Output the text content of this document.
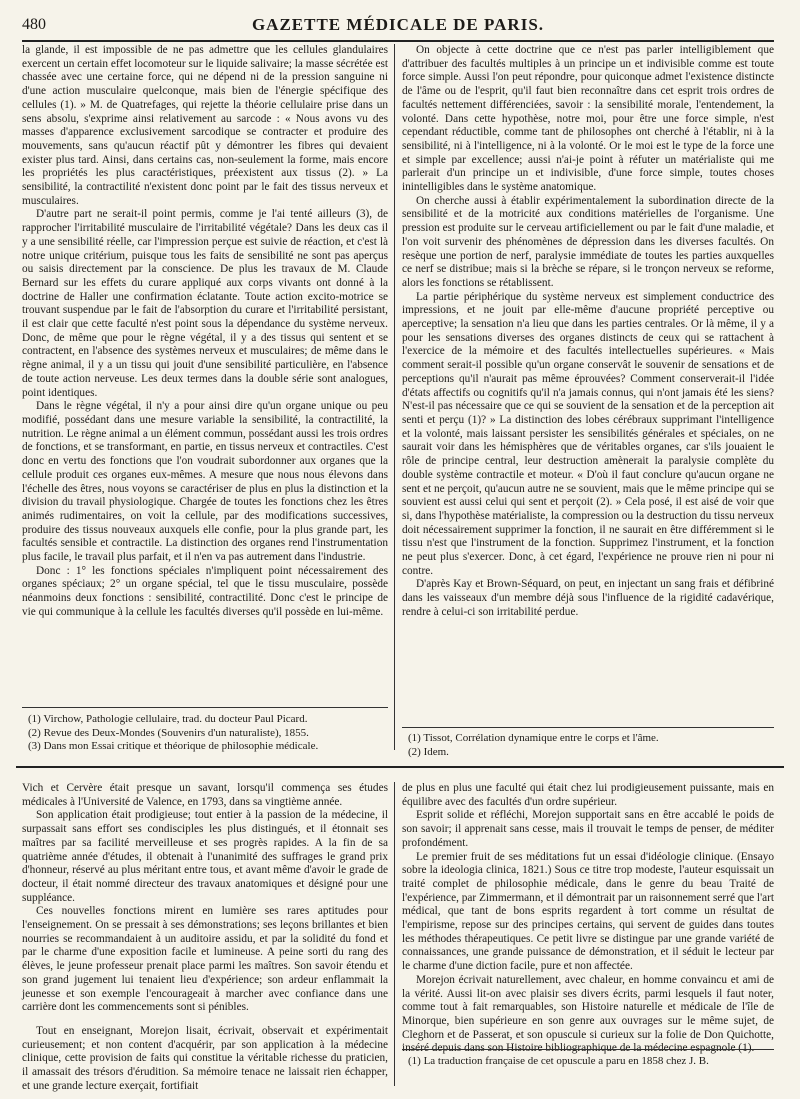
480	GAZETTE MÉDICALE DE PARIS.

la glande, il est impossible de ne pas admettre que les cellules glandulaires exercent un certain effet locomoteur sur le liquide salivaire; la masse sécrétée est chassée avec une certaine force, qui ne dépend ni de la pression sanguine ni d'une action musculaire quelconque, mais bien de l'énergie spécifique des cellules (1). » M. de Quatrefages, qui rejette la théorie cellulaire prise dans un sens absolu, s'exprime ainsi relativement au sarcode : « Nous avons vu des masses d'apparence exclusivement sarcodique se contracter et produire des mouvements, sans qu'aucun réactif pût y démontrer les fibres qui devaient exister plus tard. Ainsi, dans certains cas, non-seulement la forme, mais encore les propriétés les plus caractéristiques, préexistent aux tissus (2). » La sensibilité, la contractilité n'existent donc point par le fait des tissus nerveux et musculaires.

D'autre part ne serait-il point permis, comme je l'ai tenté ailleurs (3), de rapprocher l'irritabilité musculaire de l'irritabilité végétale? Dans les deux cas il y a une sensibilité réelle, car l'impression perçue est suivie de réaction, et c'est là notre unique critérium, puisque tous les faits de sensibilité ne sont pas aperçus ou saisis directement par la conscience. De plus les travaux de M. Claude Bernard sur les effets du curare appliqué aux corps vivants ont donné à la doctrine de Haller une confirmation éclatante. Toute action excito-motrice se trouvant suspendue par le fait de l'absorption du curare et l'irritabilité persistant, il est clair que cette faculté n'est point sous la dépendance du système nerveux. Donc, de même que pour le règne végétal, il y a des tissus qui sentent et se contractent, en l'absence des systèmes nerveux et musculaires; de même dans le règne animal, il y a un tissu qui jouit d'une sensibilité particulière, en l'absence de toute action nerveuse. Les deux termes dans la double série sont analogues, point identiques.

Dans le règne végétal, il n'y a pour ainsi dire qu'un organe unique ou peu modifié, possédant dans une mesure variable la sensibilité, la contractilité, la nutrition. Le règne animal a un élément commun, possédant aussi les trois ordres de fonctions, et se transformant, en partie, en tissus nerveux et contractiles. C'est donc en vertu des fonctions que l'on voudrait subordonner aux organes que la cellule produit ces organes eux-mêmes. A mesure que nous nous élevons dans l'échelle des êtres, nous voyons se caractériser de plus en plus la distinction et la division du travail physiologique. Chargée de toutes les fonctions chez les êtres animés rudimentaires, on voit la cellule, par des modifications successives, produire des tissus nouveaux auxquels elle confie, pour la plus grande part, les facultés sensible et contractile. La distinction des organes rend l'instrumentation plus facile, le travail plus parfait, et il n'en va pas autrement dans l'industrie.

Donc : 1° les fonctions spéciales n'impliquent point nécessairement des organes spéciaux; 2° un organe spécial, tel que le tissu musculaire, possède néanmoins deux fonctions : sensibilité, contractilité. Donc c'est le principe de vie qui communique à la cellule les facultés diverses qu'il possède en lui-même.

On objecte à cette doctrine que ce n'est pas parler intelligiblement que d'attribuer des facultés multiples à un principe un et indivisible comme est toute force simple. Aussi l'on peut répondre, pour quiconque admet l'existence distincte de l'âme ou de l'esprit, qu'il faut bien reconnaître dans cet esprit trois ordres de facultés nettement différenciées, savoir : la sensibilité morale, l'entendement, la volonté. Dans cette hypothèse, notre moi, pour être une force simple, n'est cependant réductible, comme tant de philosophes ont cherché à l'établir, ni à la sensibilité, ni à l'intelligence, ni à la volonté. Or le moi est le type de la force une et simple par excellence; aussi n'ai-je point à réfuter un matérialiste qui me parlerait d'un principe un et indivisible, d'une force simple, toutes choses inintelligibles dans le système anatomique.

On cherche aussi à établir expérimentalement la subordination directe de la sensibilité et de la motricité aux conditions matérielles de l'organisme. Une pression est produite sur le cerveau artificiellement ou par le fait d'une maladie, et l'on voit survenir des phénomènes de dépression dans les diverses facultés. On resèque une portion de nerf, paralysie immédiate de toutes les parties auxquelles ce nerf se distribue; mais si la brèche se répare, si le tronçon nerveux se reforme, alors les fonctions se rétablissent.

La partie périphérique du système nerveux est simplement conductrice des impressions, et ne jouit par elle-même d'aucune propriété perceptive ou aperceptive; la sensation n'a lieu que dans les parties centrales. Or là même, il y a pour les sensations diverses des organes distincts de ceux qui se rattachent à l'exercice de la mémoire et des facultés intellectuelles supérieures. « Mais comment serait-il possible qu'un organe conservât le souvenir de sensations et de perceptions qu'il n'aurait pas même éprouvées? Comment conserverait-il l'idée d'états affectifs ou cognitifs qu'il n'a jamais connus, qui n'ont jamais été les siens? N'est-il pas nécessaire que ce qui se souvient de la sensation et de la perception ait senti et perçu (1)? » La distinction des lobes cérébraux supprimant l'intelligence et la volonté, mais laissant persister les sensibilités générales et spéciales, on ne saurait voir dans les hémisphères que de véritables organes, car s'ils jouaient le rôle de principe central, leur destruction amènerait la paralysie complète du double système contractile et moteur. « D'où il faut conclure qu'aucun organe ne sent et ne perçoit, qu'aucun autre ne se souvient, mais que le même principe qui se souvient est aussi celui qui sent et perçoit (2). » Cela posé, il est aisé de voir que si, dans l'hypothèse matérialiste, la compression ou la destruction du tissu nerveux doit nécessairement supprimer la fonction, il ne saurait en être différemment si le tissu n'est que l'instrument de la fonction. Supprimez l'instrument, et la fonction ne peut plus s'exercer. Donc, à cet égard, l'expérience ne prouve rien ni pour ni contre.

D'après Kay et Brown-Séquard, on peut, en injectant un sang frais et défibriné dans les vaisseaux d'un membre déjà sous l'influence de la rigidité cadavérique, rendre à celui-ci son irritabilité perdue.

(1) Virchow, Pathologie cellulaire, trad. du docteur Paul Picard.
(2) Revue des Deux-Mondes (Souvenirs d'un naturaliste), 1855.
(3) Dans mon Essai critique et théorique de philosophie médicale.
(1) Tissot, Corrélation dynamique entre le corps et l'âme.
(2) Idem.

Vich et Cervère était presque un savant, lorsqu'il commença ses études médicales à l'Université de Valence, en 1793, dans sa vingtième année.

Son application était prodigieuse; tout entier à la passion de la médecine, il surpassait sans effort ses condisciples les plus distingués, et il étonnait ses maîtres par sa facilité merveilleuse et ses progrès rapides. A la fin de sa quatrième année d'études, il obtenait à l'unanimité des suffrages le grand prix d'honneur, réservé au plus méritant entre tous, et avant même d'avoir le grade de docteur, il était nommé directeur des travaux anatomiques et désigné pour une suppléance.

Ces nouvelles fonctions mirent en lumière ses rares aptitudes pour l'enseignement. On se pressait à ses démonstrations; ses leçons brillantes et bien nourries se recommandaient à un auditoire assidu, et par la solidité du fond et par le charme d'une exposition facile et lumineuse. A peine sorti du rang des élèves, le jeune professeur prenait place parmi les maîtres. Son savoir étendu et son grand jugement lui tenaient lieu d'expérience; son ardeur enflammait la jeunesse et son exemple l'encourageait à marcher avec confiance dans une carrière dont les commencements sont si pénibles.

Tout en enseignant, Morejon lisait, écrivait, observait et expérimentait curieusement; et non content d'acquérir, par son application à la médecine clinique, cette provision de faits qui constitue la véritable richesse du praticien, il amassait des trésors d'érudition. Sa mémoire tenace ne laissait rien échapper, et une grande lecture exerçait, fortifiait

de plus en plus une faculté qui était chez lui prodigieusement puissante, mais en équilibre avec des facultés d'un ordre supérieur.

Esprit solide et réfléchi, Morejon supportait sans en être accablé le poids de son savoir; il apprenait sans cesse, mais il trouvait le temps de penser, de méditer profondément.

Le premier fruit de ses méditations fut un essai d'idéologie clinique. (Ensayo sobre la ideologia clinica, 1821.) Sous ce titre trop modeste, l'auteur esquissait un traité complet de philosophie médicale, dans le genre du beau Traité de l'expérience, par Zimmermann, et il démontrait par un raisonnement serré que l'art médical, que tant de bons esprits regardent à tort comme un résultat de l'empirisme, repose sur des principes certains, qui servent de guides dans toutes les méthodes thérapeutiques. Ce petit livre se distingue par une grande variété de connaissances, une grande puissance de démonstration, et il séduit le lecteur par le charme d'une diction facile, pure et non affectée.

Morejon écrivait naturellement, avec chaleur, en homme convaincu et ami de la vérité. Aussi lit-on avec plaisir ses divers écrits, parmi lesquels il faut noter, comme tout à fait remarquables, son Histoire naturelle et médicale de l'île de Minorque, bien supérieure en son genre aux ouvrages sur le même sujet, de Cleghorn et de Passerat, et son opuscule si curieux sur la folie de Don Quichotte,

(1) La traduction française de cet opuscule a paru en 1858 chez J. B.
